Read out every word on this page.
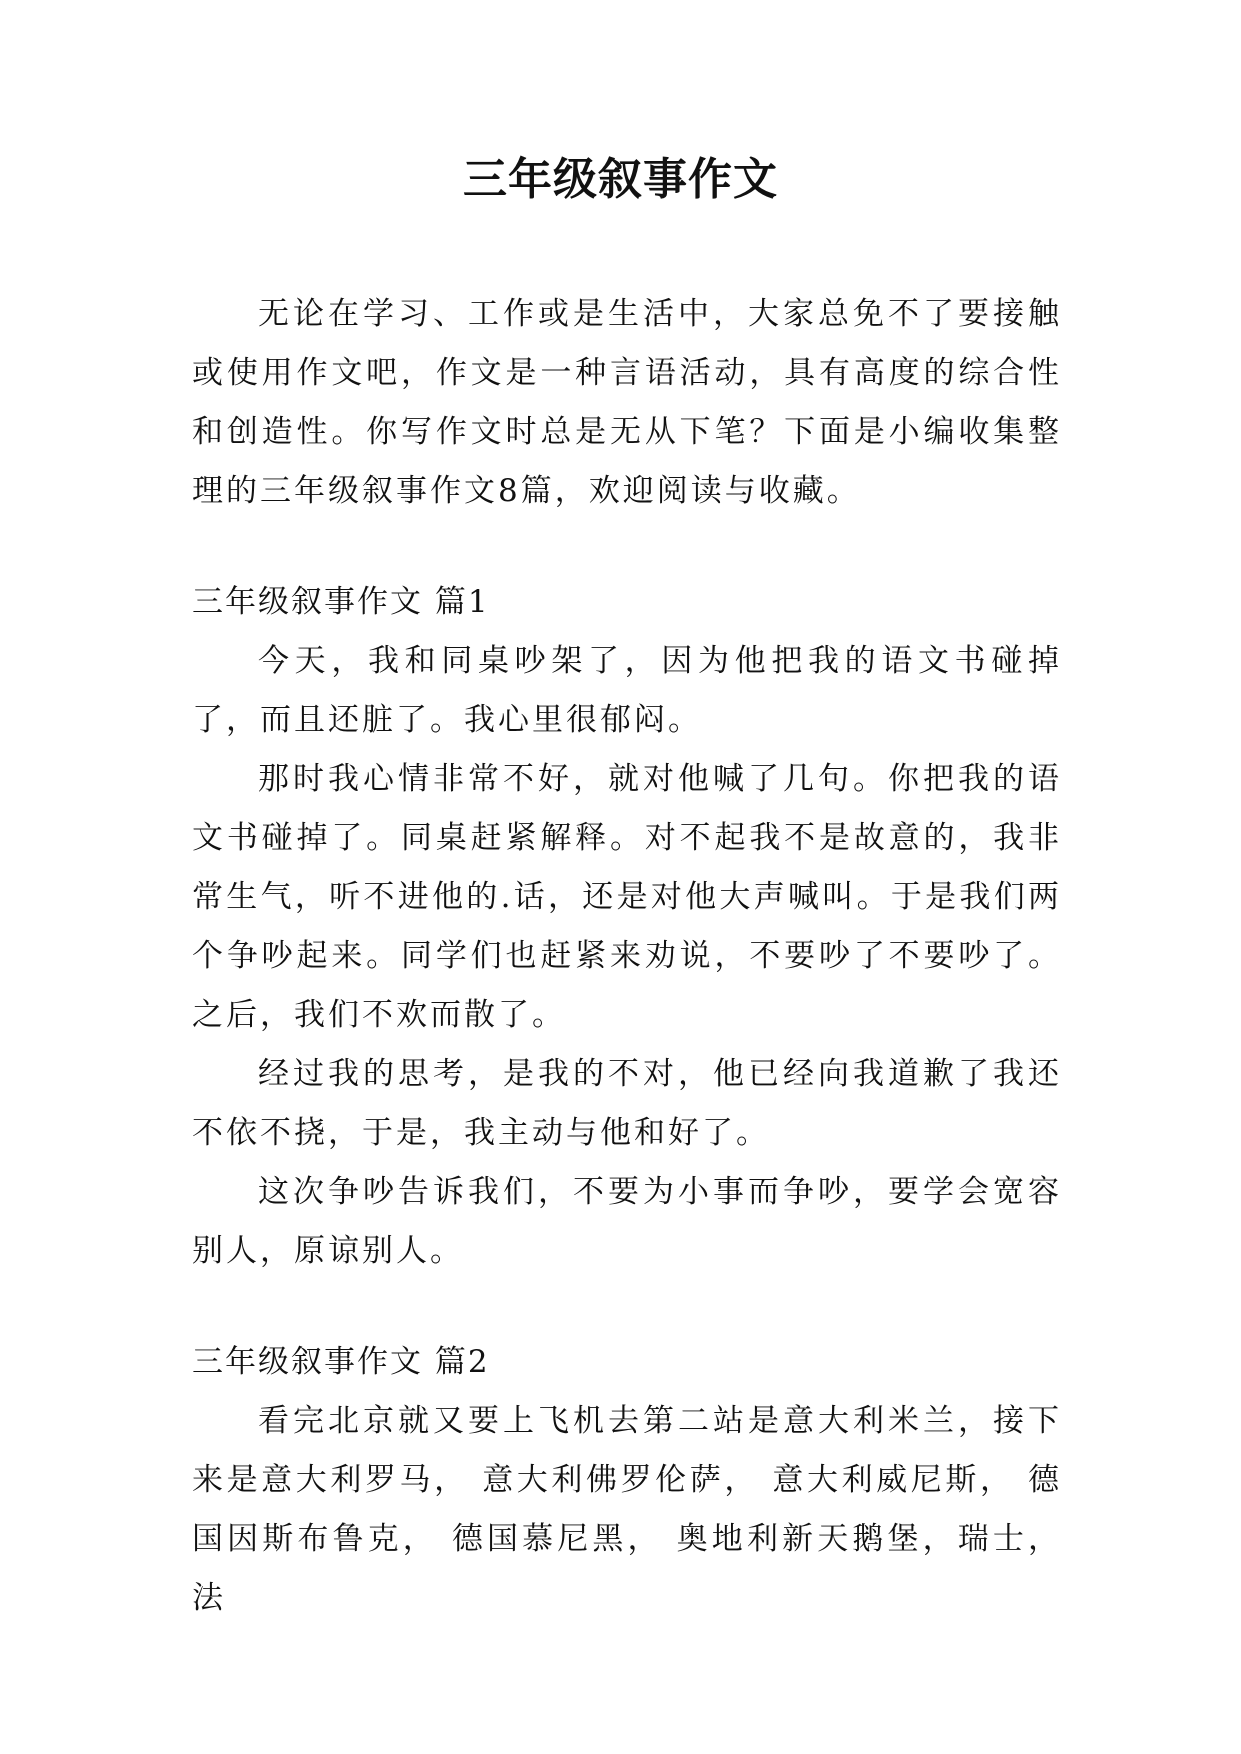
三年级叙事作文

无论在学习、工作或是生活中，大家总免不了要接触或使用作文吧，作文是一种言语活动，具有高度的综合性和创造性。你写作文时总是无从下笔？下面是小编收集整理的三年级叙事作文8篇，欢迎阅读与收藏。

三年级叙事作文 篇1

今天，我和同桌吵架了，因为他把我的语文书碰掉了，而且还脏了。我心里很郁闷。

那时我心情非常不好，就对他喊了几句。你把我的语文书碰掉了。同桌赶紧解释。对不起我不是故意的，我非常生气，听不进他的.话，还是对他大声喊叫。于是我们两个争吵起来。同学们也赶紧来劝说，不要吵了不要吵了。之后，我们不欢而散了。

经过我的思考，是我的不对，他已经向我道歉了我还不依不挠，于是，我主动与他和好了。

这次争吵告诉我们，不要为小事而争吵，要学会宽容别人，原谅别人。

三年级叙事作文 篇2

看完北京就又要上飞机去第二站是意大利米兰，接下来是意大利罗马， 意大利佛罗伦萨， 意大利威尼斯， 德国因斯布鲁克， 德国慕尼黑， 奥地利新天鹅堡，瑞士， 法
